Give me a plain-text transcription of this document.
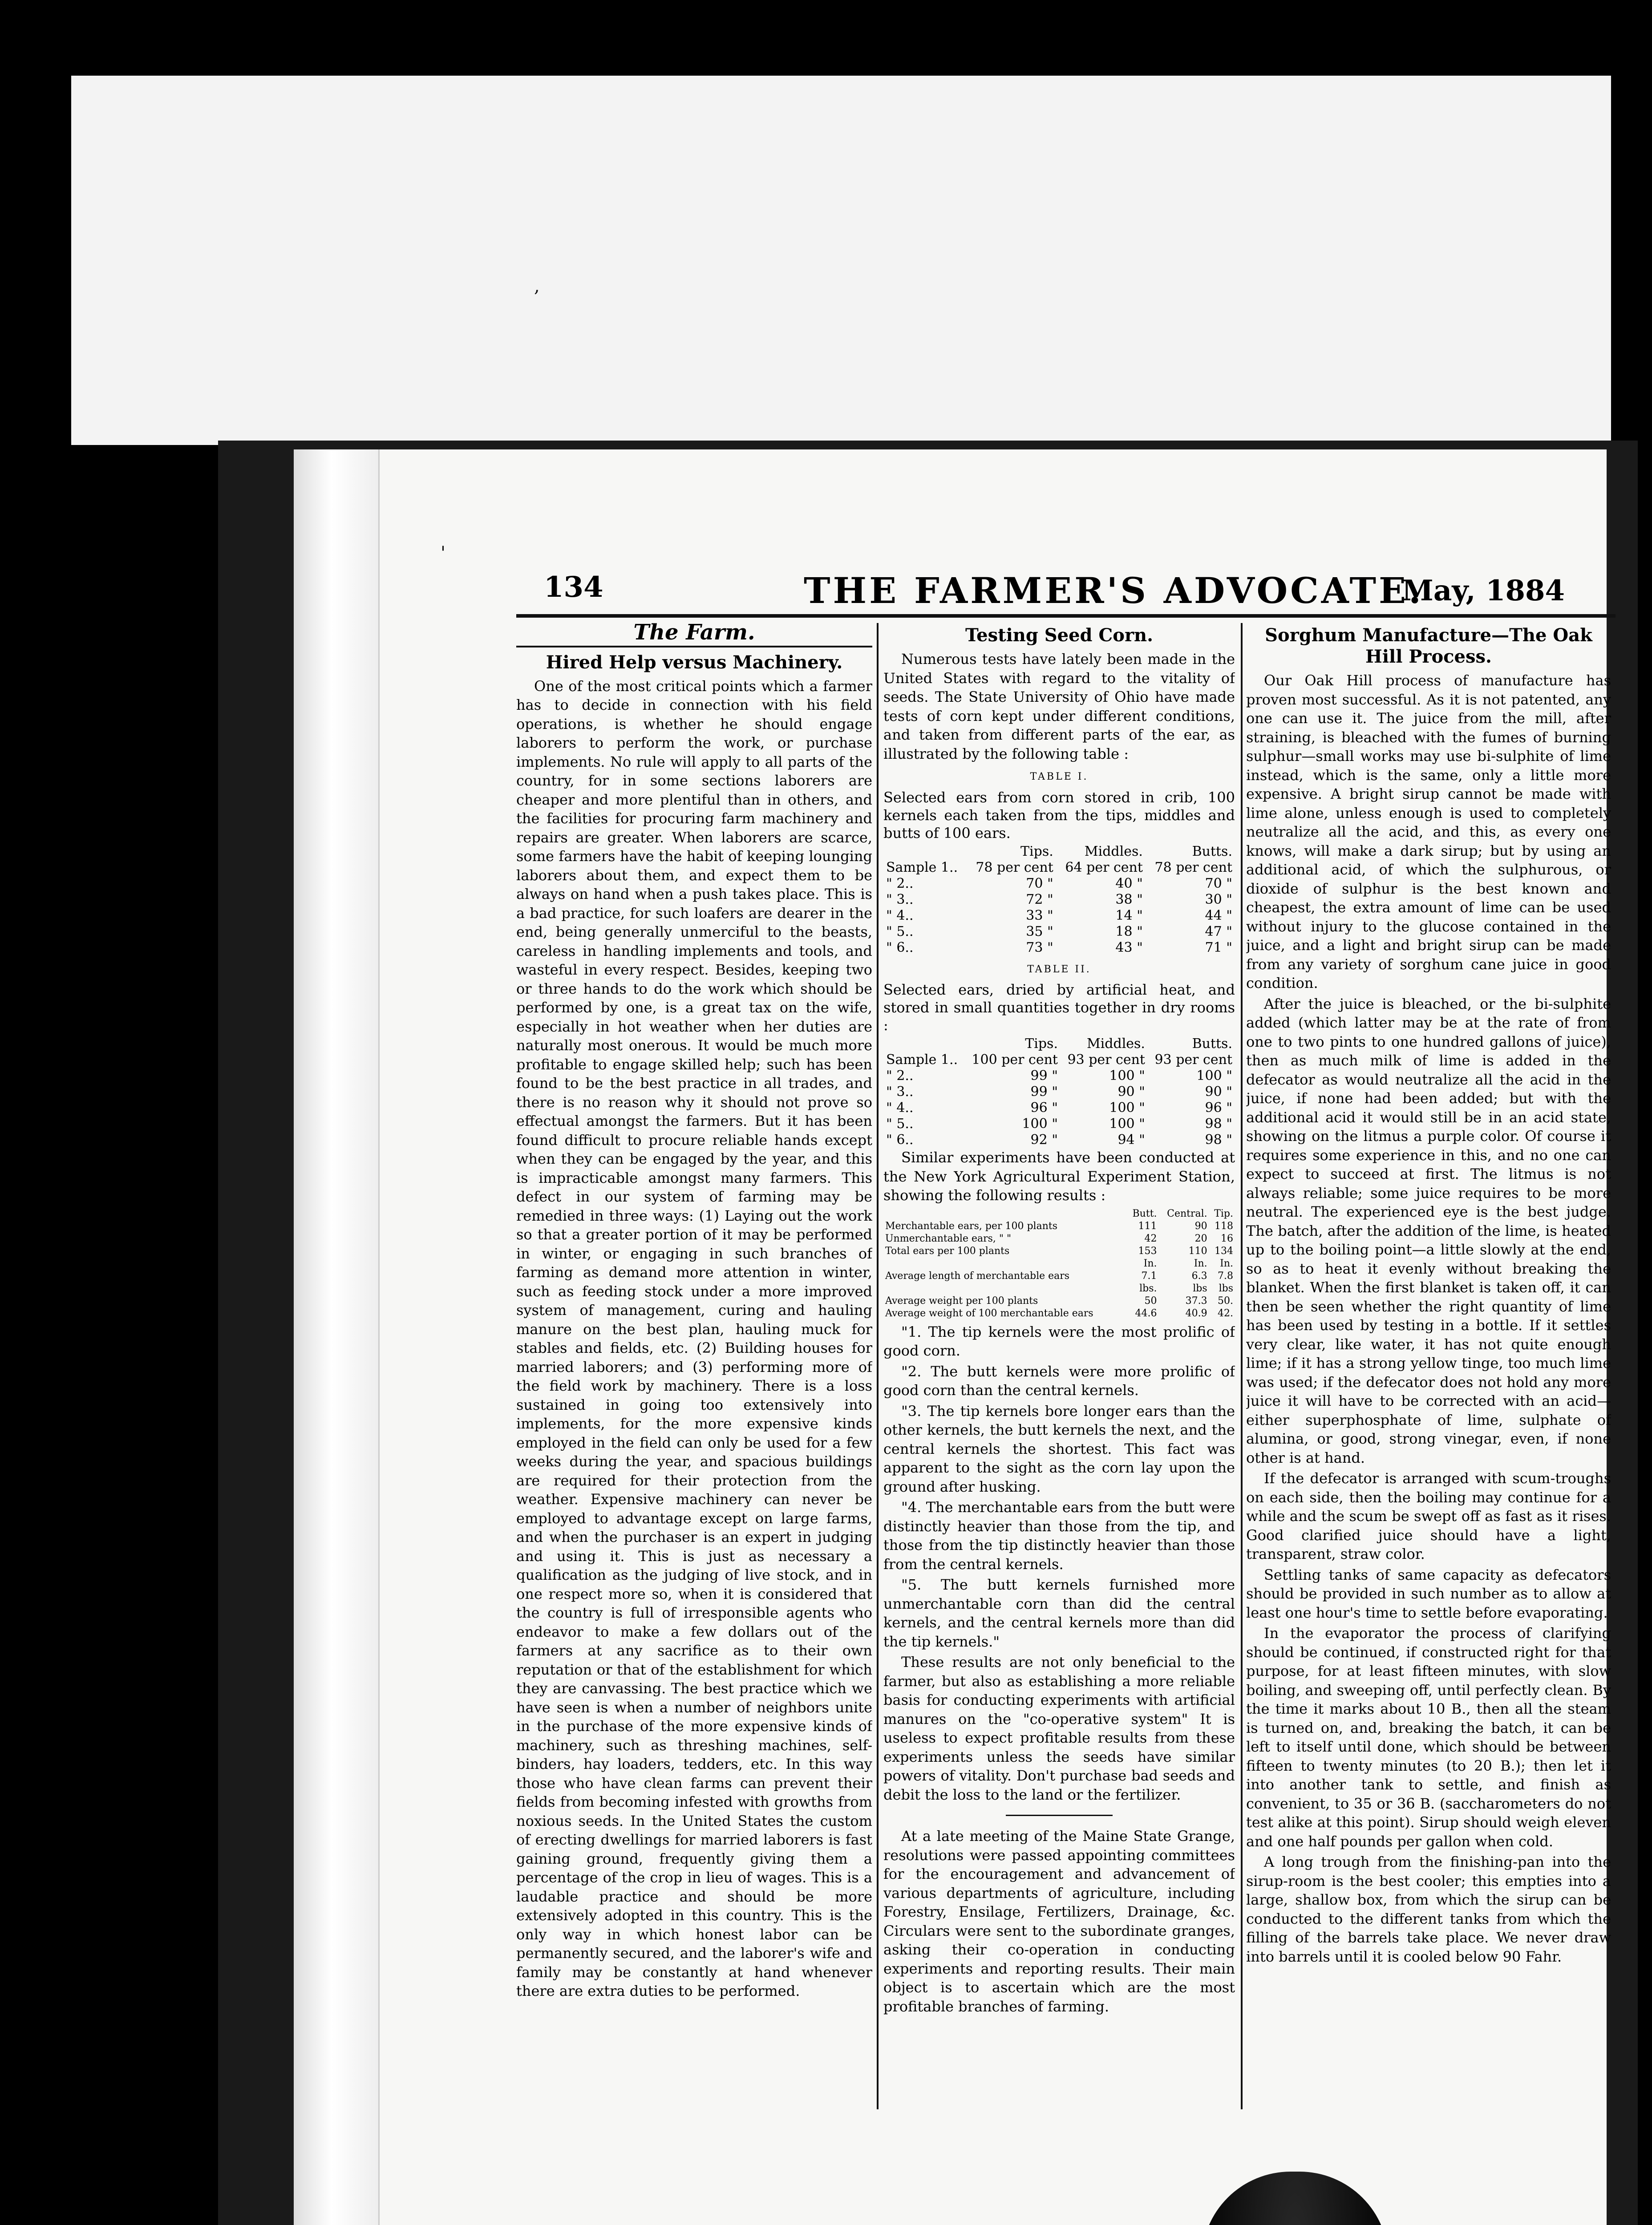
,
'
134	THE FARMER'S ADVOCATE.
May, 1884
The Farm.
Hired Help versus Machinery.

One of the most critical points which a farmer has to decide in connection with his field operations, is whether he should engage laborers to perform the work, or purchase implements. No rule will apply to all parts of the country, for in some sections laborers are cheaper and more plentiful than in others, and the facilities for procuring farm machinery and repairs are greater. When laborers are scarce, some farmers have the habit of keeping lounging laborers about them, and expect them to be always on hand when a push takes place. This is a bad practice, for such loafers are dearer in the end, being generally unmerciful to the beasts, careless in handling implements and tools, and wasteful in every respect. Besides, keeping two or three hands to do the work which should be performed by one, is a great tax on the wife, especially in hot weather when her duties are naturally most onerous. It would be much more profitable to engage skilled help; such has been found to be the best practice in all trades, and there is no reason why it should not prove so effectual amongst the farmers. But it has been found difficult to procure reliable hands except when they can be engaged by the year, and this is impracticable amongst many farmers. This defect in our system of farming may be remedied in three ways: (1) Laying out the work so that a greater portion of it may be performed in winter, or engaging in such branches of farming as demand more attention in winter, such as feeding stock under a more improved system of management, curing and hauling manure on the best plan, hauling muck for stables and fields, etc. (2) Building houses for married laborers; and (3) performing more of the field work by machinery. There is a loss sustained in going too extensively into implements, for the more expensive kinds employed in the field can only be used for a few weeks during the year, and spacious buildings are required for their protection from the weather. Expensive machinery can never be employed to advantage except on large farms, and when the purchaser is an expert in judging and using it. This is just as necessary a qualification as the judging of live stock, and in one respect more so, when it is considered that the country is full of irresponsible agents who endeavor to make a few dollars out of the farmers at any sacrifice as to their own reputation or that of the establishment for which they are canvassing. The best practice which we have seen is when a number of neighbors unite in the purchase of the more expensive kinds of machinery, such as threshing machines, self-binders, hay loaders, tedders, etc. In this way those who have clean farms can prevent their fields from becoming infested with growths from noxious seeds. In the United States the custom of erecting dwellings for married laborers is fast gaining ground, frequently giving them a percentage of the crop in lieu of wages. This is a laudable practice and should be more extensively adopted in this country. This is the only way in which honest labor can be permanently secured, and the laborer's wife and family may be constantly at hand whenever there are extra duties to be performed.

Testing Seed Corn.

Numerous tests have lately been made in the United States with regard to the vitality of seeds. The State University of Ohio have made tests of corn kept under different conditions, and taken from different parts of the ear, as illustrated by the following table :

TABLE I.

Selected ears from corn stored in crib, 100 kernels each taken from the tips, middles and butts of 100 ears.

	Tips.	Middles.	Butts.
Sample 1..	78 per cent	64 per cent	78 per cent
" 2..	70 "	40 "	70 "
" 3..	72 "	38 "	30 "
" 4..	33 "	14 "	44 "
" 5..	35 "	18 "	47 "
" 6..	73 "	43 "	71 "
TABLE II.

Selected ears, dried by artificial heat, and stored in small quantities together in dry rooms :

	Tips.	Middles.	Butts.
Sample 1..	100 per cent	93 per cent	93 per cent
" 2..	99 "	100 "	100 "
" 3..	99 "	90 "	90 "
" 4..	96 "	100 "	96 "
" 5..	100 "	100 "	98 "
" 6..	92 "	94 "	98 "

Similar experiments have been conducted at the New York Agricultural Experiment Station, showing the following results :

	Butt.	Central.	Tip.
Merchantable ears, per 100 plants	111	90	118
Unmerchantable ears, " "	42	20	16
Total ears per 100 plants	153	110	134
	In.	In.	In.
Average length of merchantable ears	7.1	6.3	7.8
	lbs.	lbs	lbs
Average weight per 100 plants	50	37.3	50.
Average weight of 100 merchantable ears	44.6	40.9	42.

"1. The tip kernels were the most prolific of good corn.

"2. The butt kernels were more prolific of good corn than the central kernels.

"3. The tip kernels bore longer ears than the other kernels, the butt kernels the next, and the central kernels the shortest. This fact was apparent to the sight as the corn lay upon the ground after husking.

"4. The merchantable ears from the butt were distinctly heavier than those from the tip, and those from the tip distinctly heavier than those from the central kernels.

"5. The butt kernels furnished more unmerchantable corn than did the central kernels, and the central kernels more than did the tip kernels."

These results are not only beneficial to the farmer, but also as establishing a more reliable basis for conducting experiments with artificial manures on the "co-operative system" It is useless to expect profitable results from these experiments unless the seeds have similar powers of vitality. Don't purchase bad seeds and debit the loss to the land or the fertilizer.

At a late meeting of the Maine State Grange, resolutions were passed appointing committees for the encouragement and advancement of various departments of agriculture, including Forestry, Ensilage, Fertilizers, Drainage, &c. Circulars were sent to the subordinate granges, asking their co-operation in conducting experiments and reporting results. Their main object is to ascertain which are the most profitable branches of farming.

Sorghum Manufacture—The Oak Hill Process.

Our Oak Hill process of manufacture has proven most successful. As it is not patented, any one can use it. The juice from the mill, after straining, is bleached with the fumes of burning sulphur—small works may use bi-sulphite of lime instead, which is the same, only a little more expensive. A bright sirup cannot be made with lime alone, unless enough is used to completely neutralize all the acid, and this, as every one knows, will make a dark sirup; but by using an additional acid, of which the sulphurous, or dioxide of sulphur is the best known and cheapest, the extra amount of lime can be used without injury to the glucose contained in the juice, and a light and bright sirup can be made from any variety of sorghum cane juice in good condition.

After the juice is bleached, or the bi-sulphite added (which latter may be at the rate of from one to two pints to one hundred gallons of juice), then as much milk of lime is added in the defecator as would neutralize all the acid in the juice, if none had been added; but with the additional acid it would still be in an acid state, showing on the litmus a purple color. Of course it requires some experience in this, and no one can expect to succeed at first. The litmus is not always reliable; some juice requires to be more neutral. The experienced eye is the best judge. The batch, after the addition of the lime, is heated up to the boiling point—a little slowly at the end, so as to heat it evenly without breaking the blanket. When the first blanket is taken off, it can then be seen whether the right quantity of lime has been used by testing in a bottle. If it settles very clear, like water, it has not quite enough lime; if it has a strong yellow tinge, too much lime was used; if the defecator does not hold any more juice it will have to be corrected with an acid—either superphosphate of lime, sulphate of alumina, or good, strong vinegar, even, if none other is at hand.

If the defecator is arranged with scum-troughs on each side, then the boiling may continue for a while and the scum be swept off as fast as it rises. Good clarified juice should have a light, transparent, straw color.

Settling tanks of same capacity as defecators should be provided in such number as to allow at least one hour's time to settle before evaporating.

In the evaporator the process of clarifying should be continued, if constructed right for that purpose, for at least fifteen minutes, with slow boiling, and sweeping off, until perfectly clean. By the time it marks about 10 B., then all the steam is turned on, and, breaking the batch, it can be left to itself until done, which should be between fifteen to twenty minutes (to 20 B.); then let it into another tank to settle, and finish as convenient, to 35 or 36 B. (saccharometers do not test alike at this point). Sirup should weigh eleven and one half pounds per gallon when cold.

A long trough from the finishing-pan into the sirup-room is the best cooler; this empties into a large, shallow box, from which the sirup can be conducted to the different tanks from which the filling of the barrels take place. We never draw into barrels until it is cooled below 90 Fahr.
